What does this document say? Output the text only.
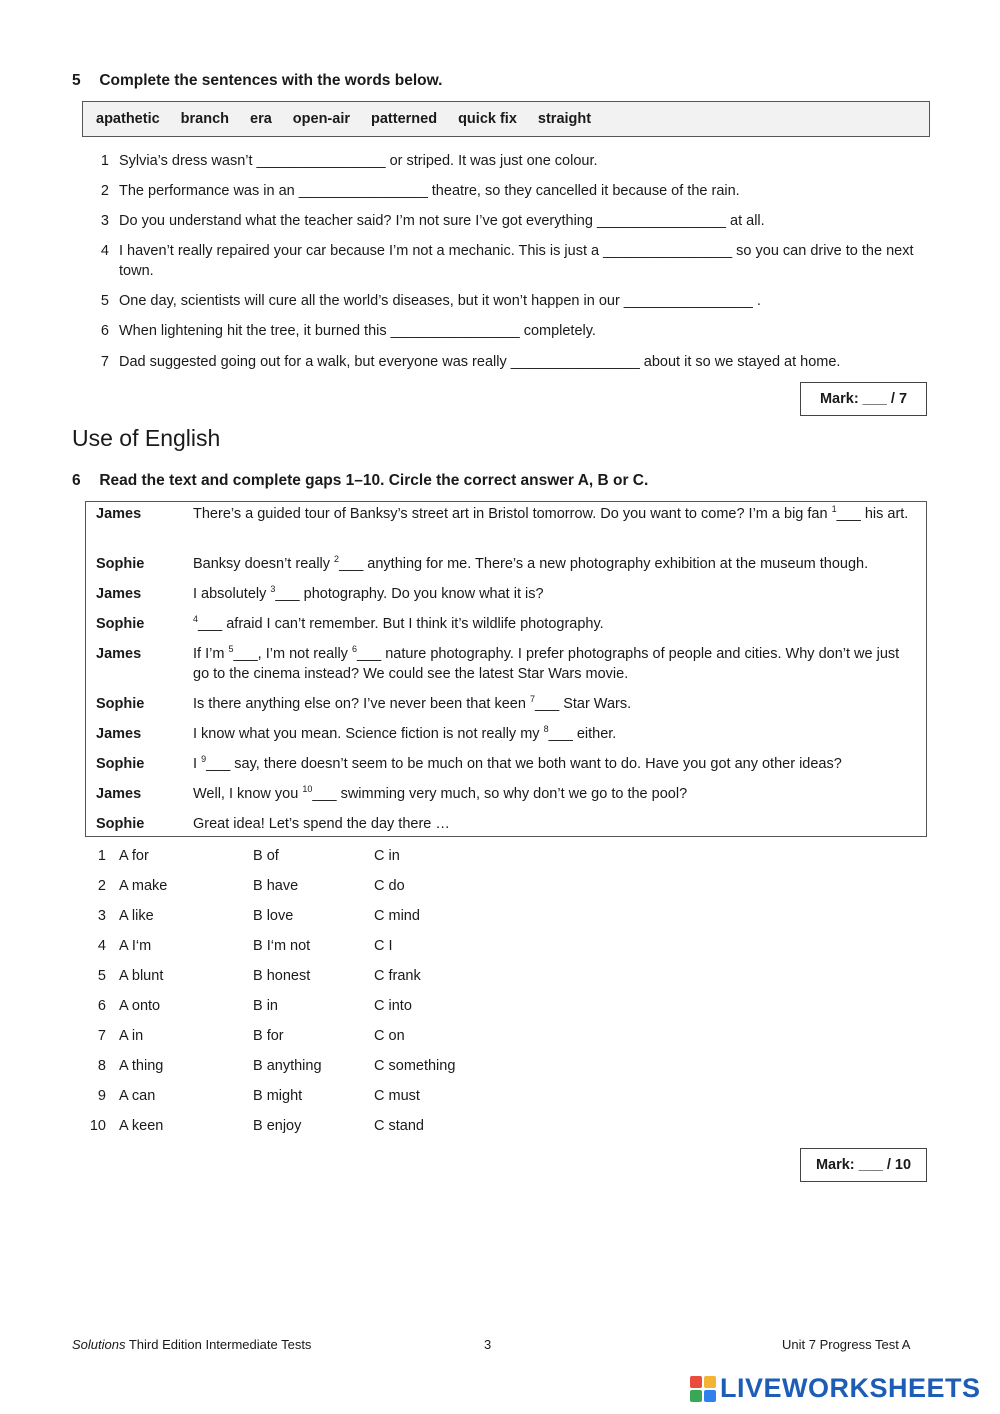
5 Complete the sentences with the words below.
apathetic branch era open-air patterned quick fix straight
1 Sylvia’s dress wasn’t ________________ or striped. It was just one colour.
2 The performance was in an ________________ theatre, so they cancelled it because of the rain.
3 Do you understand what the teacher said? I’m not sure I’ve got everything ________________ at all.
4 I haven’t really repaired your car because I’m not a mechanic. This is just a ________________ so you can drive to the next town.
5 One day, scientists will cure all the world’s diseases, but it won’t happen in our ________________ .
6 When lightening hit the tree, it burned this ________________ completely.
7 Dad suggested going out for a walk, but everyone was really ________________ about it so we stayed at home.
Mark: ___ / 7
Use of English
6 Read the text and complete gaps 1–10. Circle the correct answer A, B or C.
James	There’s a guided tour of Banksy’s street art in Bristol tomorrow. Do you want to come? I’m a big fan $^1$___ his art.
Sophie	Banksy doesn’t really $^2$___ anything for me. There’s a new photography exhibition at the museum though.
James	I absolutely $^3$___ photography. Do you know what it is?
Sophie	$^4$___ afraid I can’t remember. But I think it’s wildlife photography.
James	If I’m $^5$___, I’m not really $^6$___ nature photography. I prefer photographs of people and cities. Why don’t we just go to the cinema instead? We could see the latest Star Wars movie.
Sophie	Is there anything else on? I’ve never been that keen $^7$___ Star Wars.
James	I know what you mean. Science fiction is not really my $^8$___ either.
Sophie	I $^9$___ say, there doesn’t seem to be much on that we both want to do. Have you got any other ideas?
James	Well, I know you $^{10}$___ swimming very much, so why don’t we go to the pool?
Sophie	Great idea! Let’s spend the day there …
1 A for	B of	C in
2 A make	B have	C do
3 A like	B love	C mind
4 A I‘m	B I‘m not	C I
5 A blunt	B honest	C frank
6 A onto	B in	C into
7 A in	B for	C on
8 A thing	B anything	C something
9 A can	B might	C must
10 A keen	B enjoy	C stand
Mark: ___ / 10
Solutions Third Edition Intermediate Tests	3	Unit 7 Progress Test A
LIVEWORKSHEETS
